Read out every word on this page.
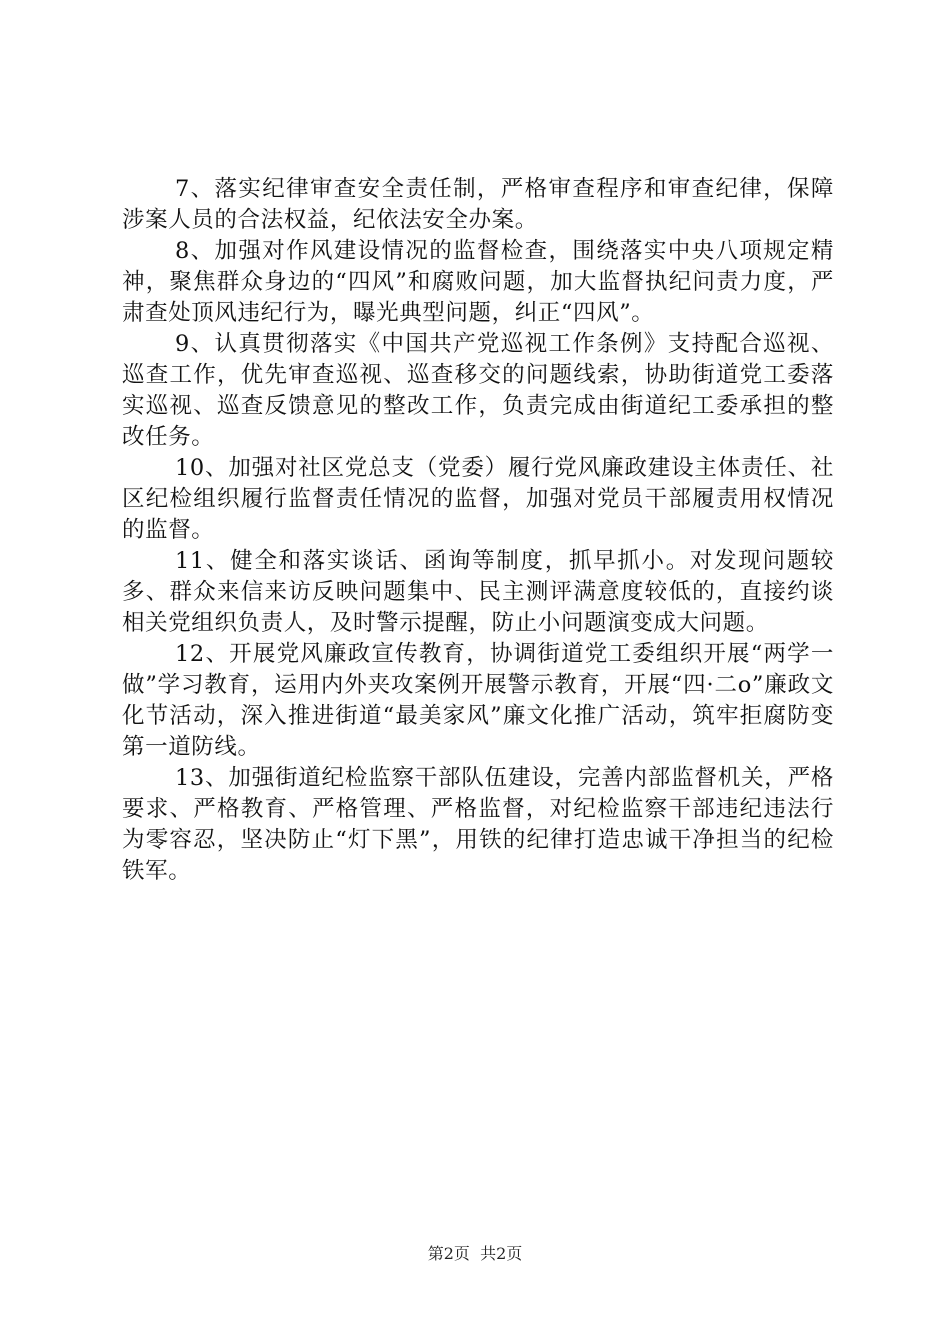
7、落实纪律审查安全责任制，严格审查程序和审查纪律，保障涉案人员的合法权益，纪依法安全办案。

8、加强对作风建设情况的监督检查，围绕落实中央八项规定精神，聚焦群众身边的“四风”和腐败问题，加大监督执纪问责力度，严肃查处顶风违纪行为，曝光典型问题，纠正“四风”。

9、认真贯彻落实《中国共产党巡视工作条例》支持配合巡视、巡查工作，优先审查巡视、巡查移交的问题线索，协助街道党工委落实巡视、巡查反馈意见的整改工作，负责完成由街道纪工委承担的整改任务。

10、加强对社区党总支（党委）履行党风廉政建设主体责任、社区纪检组织履行监督责任情况的监督，加强对党员干部履责用权情况的监督。

11、健全和落实谈话、函询等制度，抓早抓小。对发现问题较多、群众来信来访反映问题集中、民主测评满意度较低的，直接约谈相关党组织负责人，及时警示提醒，防止小问题演变成大问题。

12、开展党风廉政宣传教育，协调街道党工委组织开展“两学一做”学习教育，运用内外夹攻案例开展警示教育，开展“四·二o”廉政文化节活动，深入推进街道“最美家风”廉文化推广活动，筑牢拒腐防变第一道防线。

13、加强街道纪检监察干部队伍建设，完善内部监督机关，严格要求、严格教育、严格管理、严格监督，对纪检监察干部违纪违法行为零容忍，坚决防止“灯下黑”，用铁的纪律打造忠诚干净担当的纪检铁军。

第2页  共2页
